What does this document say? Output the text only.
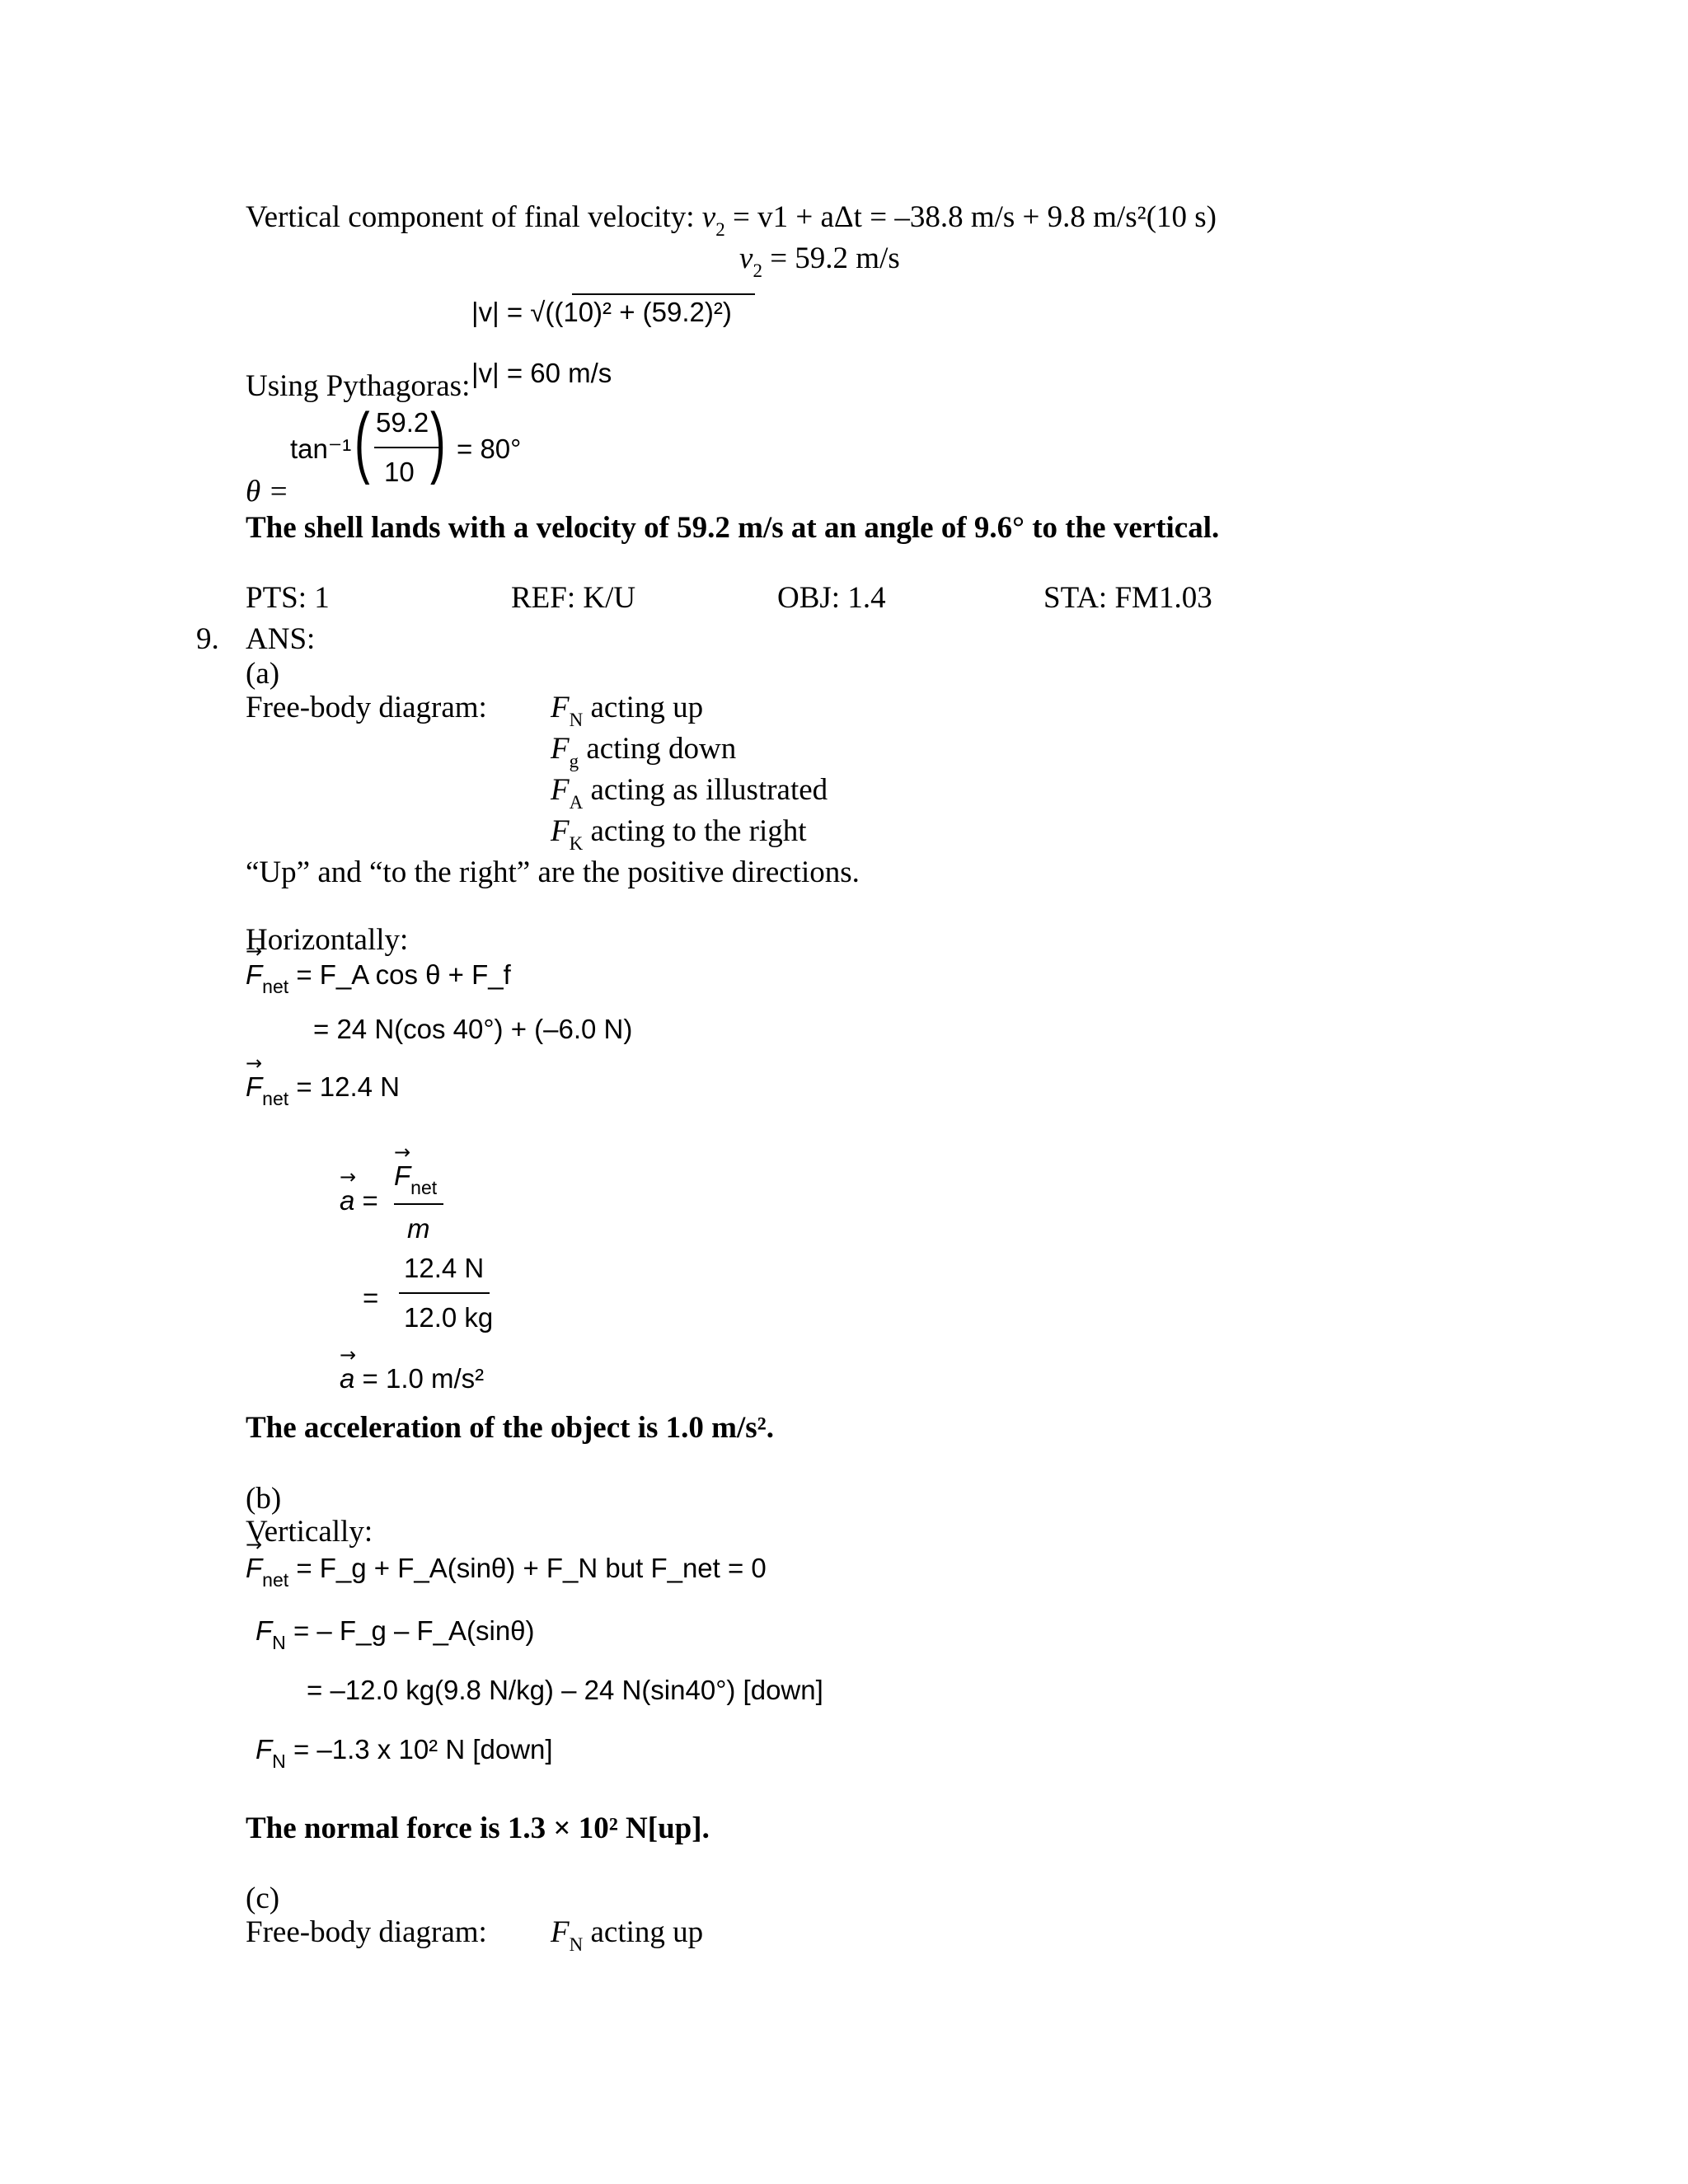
Vertical component of final velocity: $v_2 = v1 + a\Delta t = -38.8$ m/s + 9.8 m/s²(10 s)
$v_2 = 59.2$ m/s
|v| = √((10)² + (59.2)²)
Using Pythagoras: |v| = 60 m/s
tan⁻¹ ( 59.2
10 ) = 80°
θ =
The shell lands with a velocity of 59.2 m/s at an angle of 9.6° to the vertical.
PTS: 1	REF: K/U	OBJ: 1.4	STA: FM1.03
9. ANS:
(a)
Free-body diagram: $F_N$ acting up
$F_g$ acting down
$F_A$ acting as illustrated
$F_K$ acting to the right
“Up” and “to the right” are the positive directions.
Horizontally:
→ $F_{net}$ = F_A cos θ + F_f
= 24 N(cos 40°) + (–6.0 N)
→ $F_{net} = 12.4$ N
→ a =
→ $F_{net}$
m
=
12.4 N
12.0 kg
→ a = 1.0 m/s²
The acceleration of the object is 1.0 m/s².
(b)
Vertically:
→ $F_{net}$ = F_g + F_A(sinθ) + F_N but F_net = 0
$F_N$ = – F_g – F_A(sinθ)
= –12.0 kg(9.8 N/kg) – 24 N(sin40°) [down]
$F_N = -1.3$ x 10² N [down]
The normal force is 1.3 × 10² N[up].
(c)
Free-body diagram: $F_N$ acting up
